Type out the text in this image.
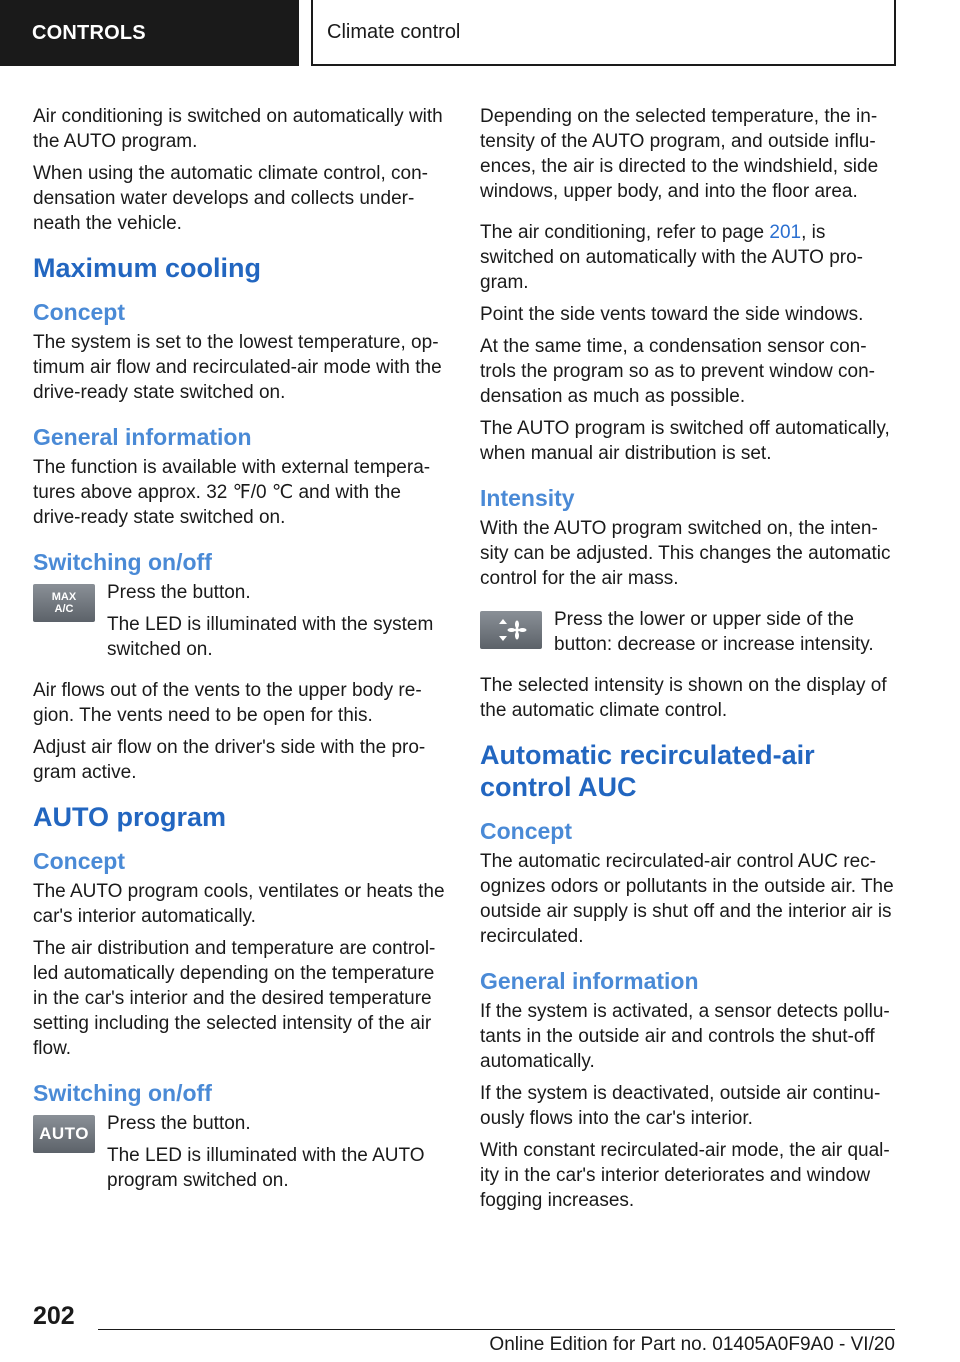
CONTROLS	Climate control

Air conditioning is switched on automatically with the AUTO program.

When using the automatic climate control, condensation water develops and collects underneath the vehicle.

Maximum cooling
Concept

The system is set to the lowest temperature, optimum air flow and recirculated-air mode with the drive-ready state switched on.

General information

The function is available with external temperatures above approx. 32 ℉/0 ℃ and with the drive-ready state switched on.

Switching on/off
MAX
A/C

Press the button.

The LED is illuminated with the system switched on.

Air flows out of the vents to the upper body region. The vents need to be open for this.

Adjust air flow on the driver's side with the program active.

AUTO program
Concept

The AUTO program cools, ventilates or heats the car's interior automatically.

The air distribution and temperature are controlled automatically depending on the temperature in the car's interior and the desired temperature setting including the selected intensity of the air flow.

Switching on/off
AUTO Press the button.

The LED is illuminated with the AUTO program switched on.

Depending on the selected temperature, the intensity of the AUTO program, and outside influences, the air is directed to the windshield, side windows, upper body, and into the floor area.

The air conditioning, refer to page 201, is switched on automatically with the AUTO program.

Point the side vents toward the side windows.

At the same time, a condensation sensor controls the program so as to prevent window condensation as much as possible.

The AUTO program is switched off automatically, when manual air distribution is set.

Intensity

With the AUTO program switched on, the intensity can be adjusted. This changes the automatic control for the air mass.

Press the lower or upper side of the button: decrease or increase intensity.

The selected intensity is shown on the display of the automatic climate control.

Automatic recirculated-air control AUC
Concept

The automatic recirculated-air control AUC recognizes odors or pollutants in the outside air. The outside air supply is shut off and the interior air is recirculated.

General information

If the system is activated, a sensor detects pollutants in the outside air and controls the shut-off automatically.

If the system is deactivated, outside air continuously flows into the car's interior.

With constant recirculated-air mode, the air quality in the car's interior deteriorates and window fogging increases.

202
Online Edition for Part no. 01405A0F9A0 - VI/20
